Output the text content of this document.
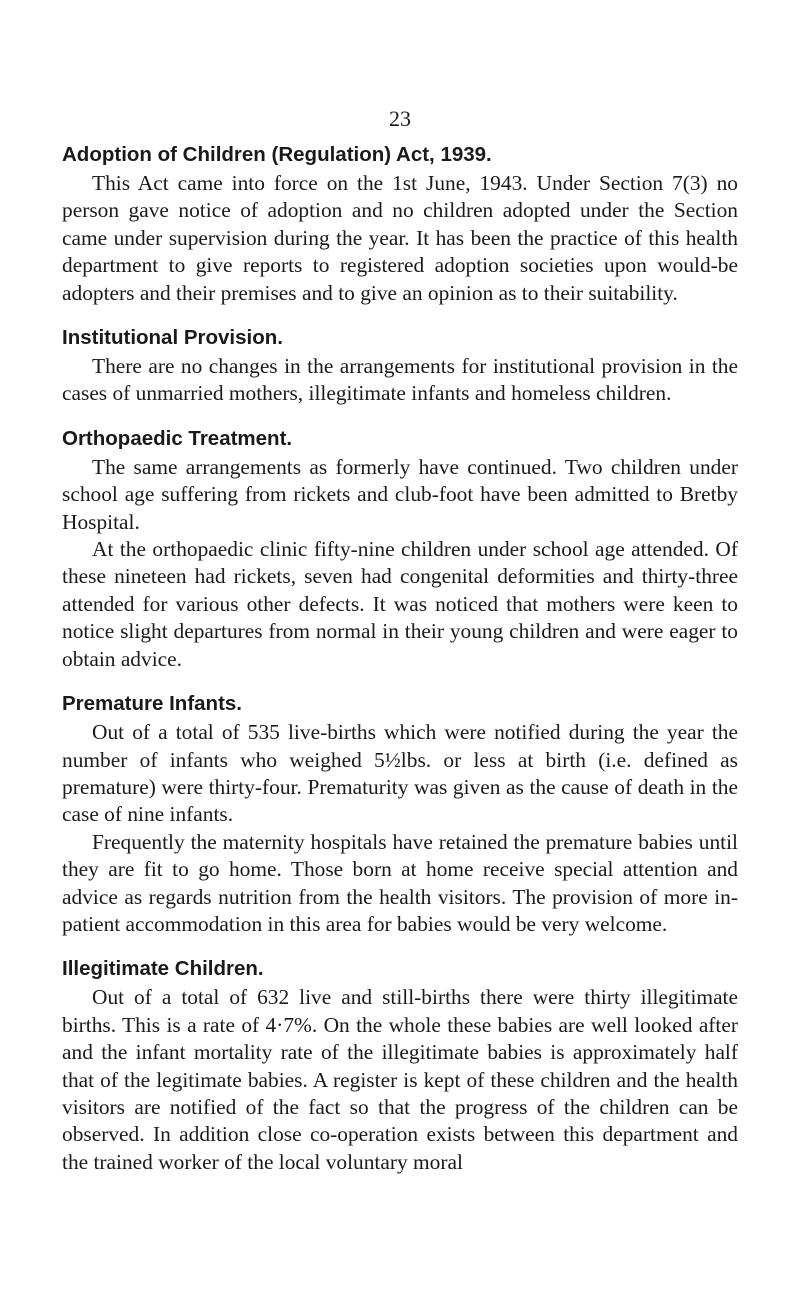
23

Adoption of Children (Regulation) Act, 1939.

This Act came into force on the 1st June, 1943. Under Section 7(3) no person gave notice of adoption and no children adopted under the Section came under supervision during the year. It has been the practice of this health department to give reports to registered adoption societies upon would-be adopters and their premises and to give an opinion as to their suitability.

Institutional Provision.

There are no changes in the arrangements for institutional provision in the cases of unmarried mothers, illegitimate infants and homeless children.

Orthopaedic Treatment.

The same arrangements as formerly have continued. Two children under school age suffering from rickets and club-foot have been admitted to Bretby Hospital.

At the orthopaedic clinic fifty-nine children under school age attended. Of these nineteen had rickets, seven had congenital deformities and thirty-three attended for various other defects. It was noticed that mothers were keen to notice slight departures from normal in their young children and were eager to obtain advice.

Premature Infants.

Out of a total of 535 live-births which were notified during the year the number of infants who weighed 5½lbs. or less at birth (i.e. defined as premature) were thirty-four. Prematurity was given as the cause of death in the case of nine infants.

Frequently the maternity hospitals have retained the premature babies until they are fit to go home. Those born at home receive special attention and advice as regards nutrition from the health visitors. The provision of more in-patient accommodation in this area for babies would be very welcome.

Illegitimate Children.

Out of a total of 632 live and still-births there were thirty illegitimate births. This is a rate of 4·7%. On the whole these babies are well looked after and the infant mortality rate of the illegitimate babies is approximately half that of the legitimate babies. A register is kept of these children and the health visitors are notified of the fact so that the progress of the children can be observed. In addition close co-operation exists between this department and the trained worker of the local voluntary moral
